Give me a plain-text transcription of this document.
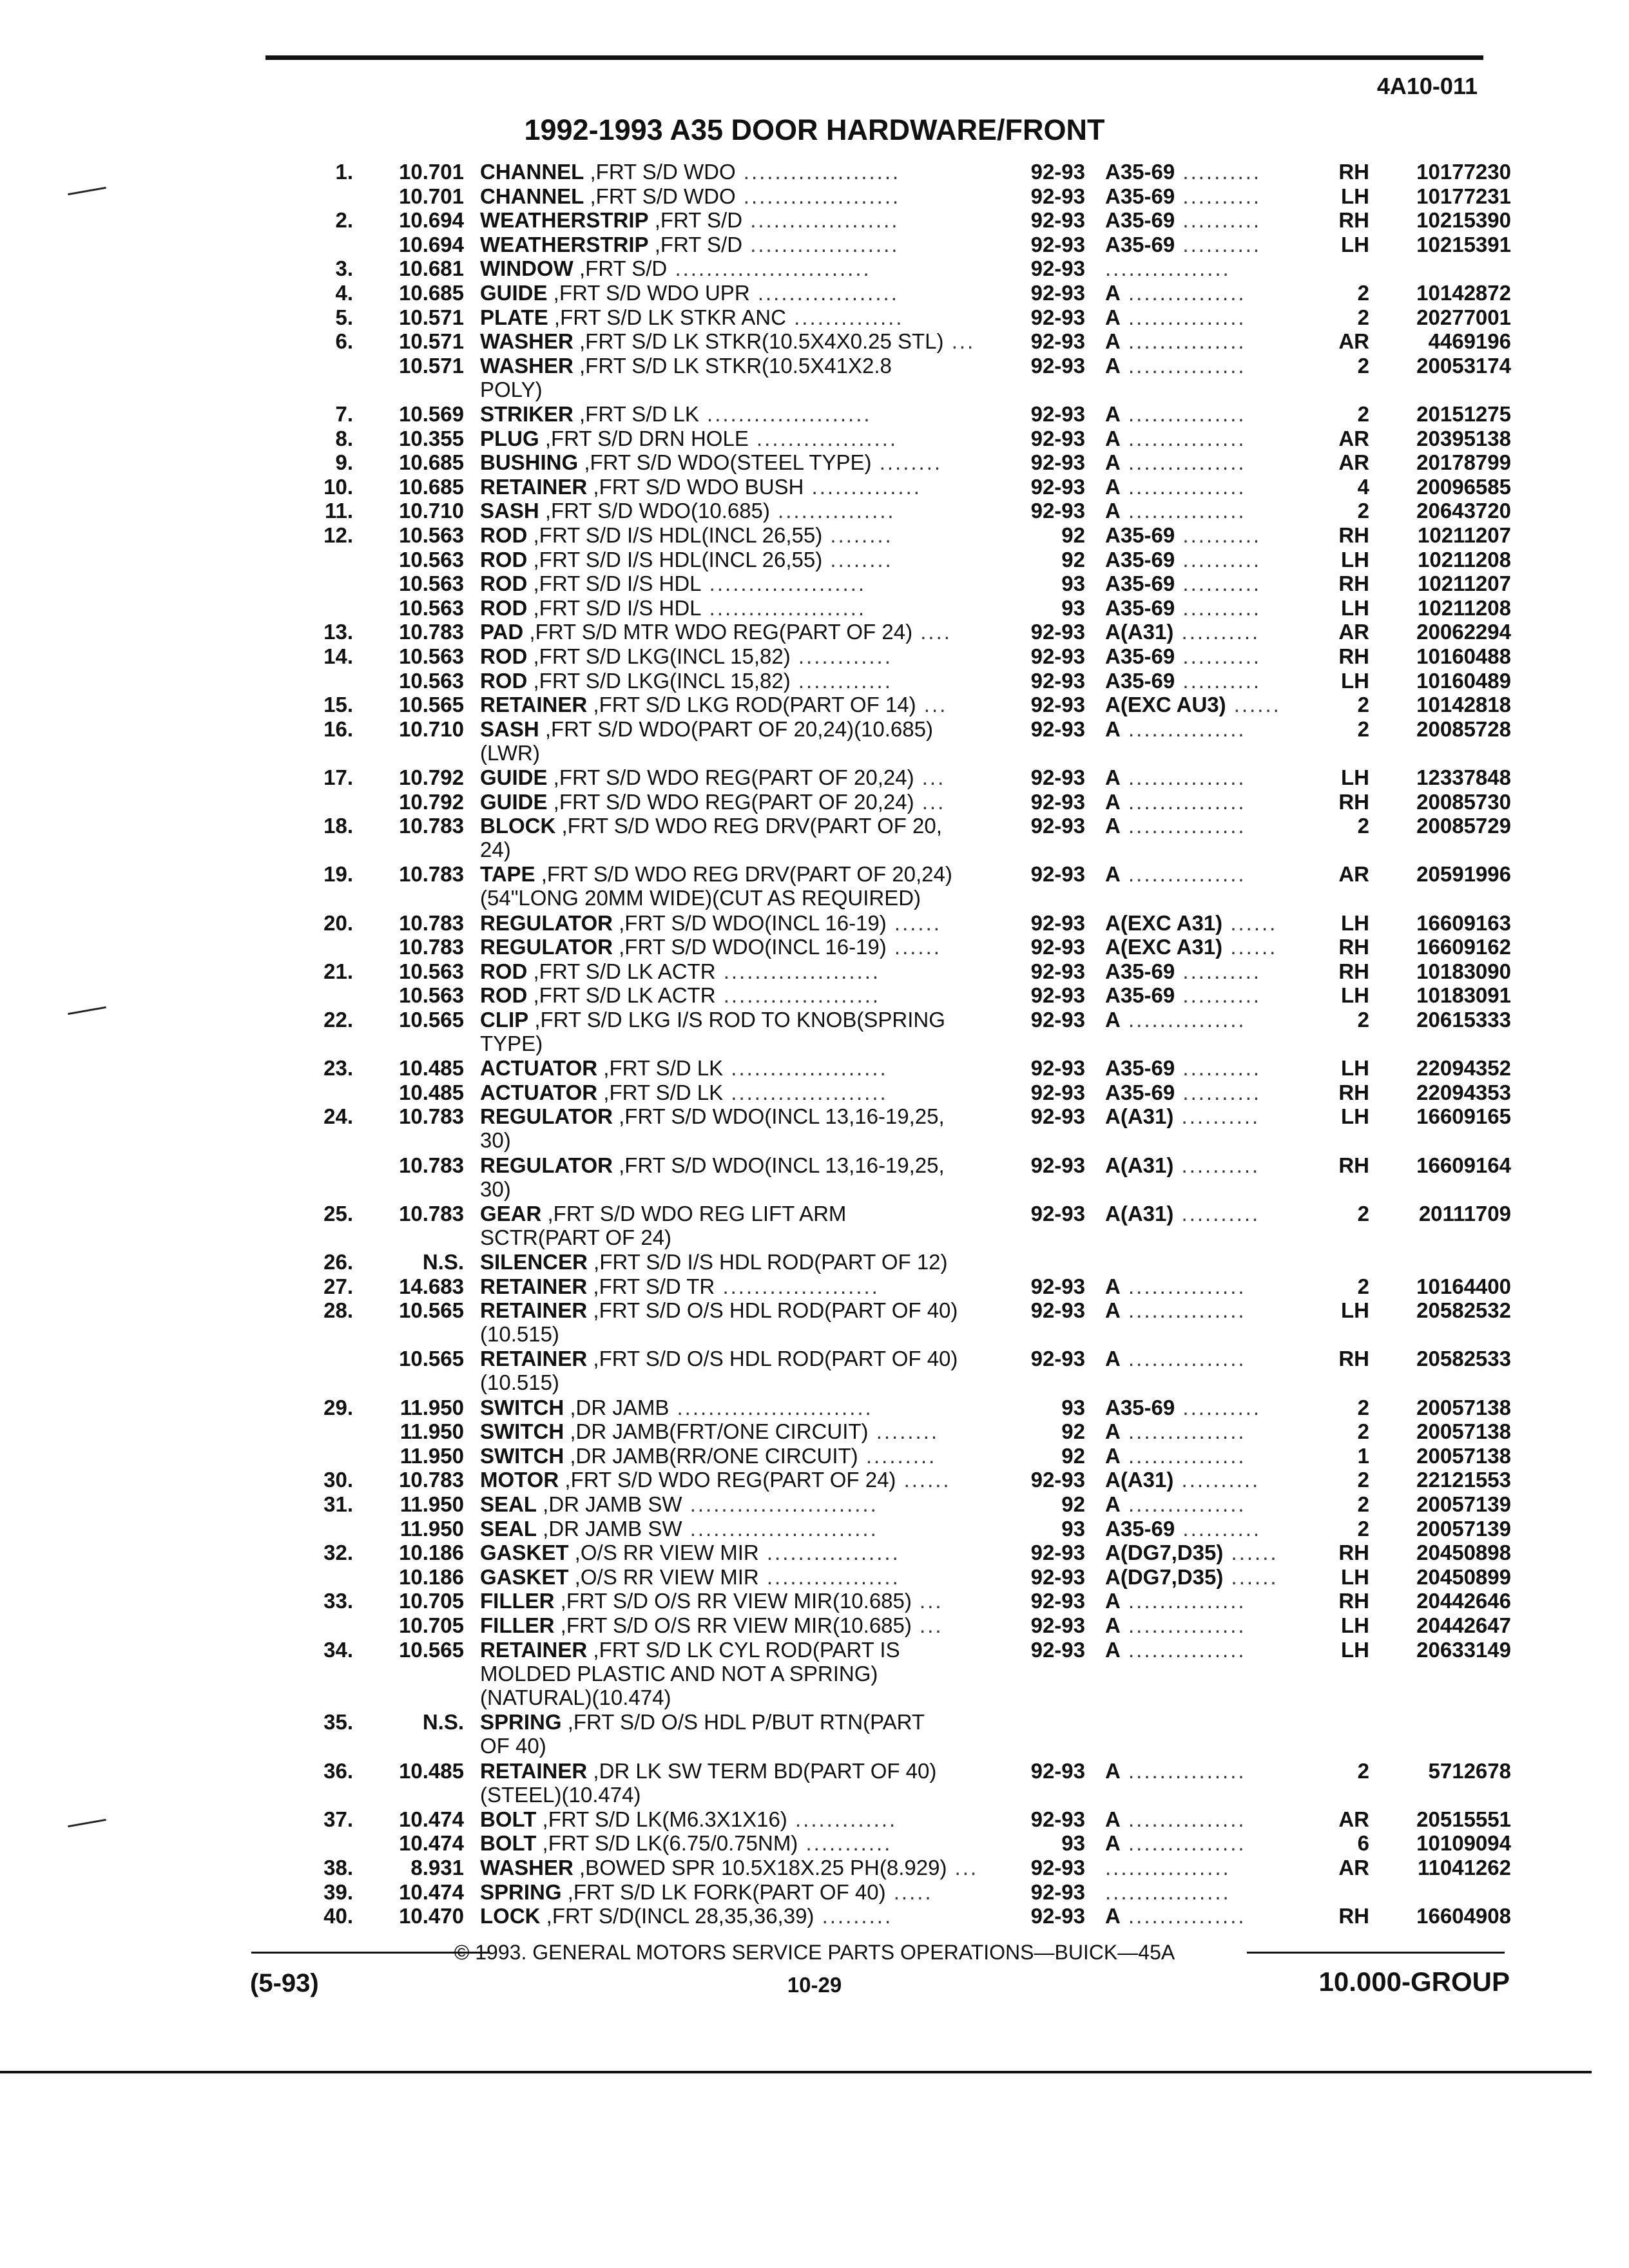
4A10-011
1992-1993 A35 DOOR HARDWARE/FRONT
1.	10.701 CHANNEL ,FRT S/D WDO ....................	92-93 A35-69 ..........	RH	10177230
10.701 CHANNEL ,FRT S/D WDO ....................	92-93 A35-69 ..........	LH	10177231
2.	10.694 WEATHERSTRIP ,FRT S/D ...................	92-93 A35-69 ..........	RH	10215390
10.694 WEATHERSTRIP ,FRT S/D ...................	92-93 A35-69 ..........	LH	10215391
3.	10.681 WINDOW ,FRT S/D .........................	92-93 ................
4.	10.685 GUIDE ,FRT S/D WDO UPR ..................	92-93 A ...............	2	10142872
5.	10.571 PLATE ,FRT S/D LK STKR ANC ..............	92-93 A ...............	2	20277001
6.	10.571 WASHER ,FRT S/D LK STKR(10.5X4X0.25 STL) ...	92-93 A ...............	AR	4469196
10.571 WASHER ,FRT S/D LK STKR(10.5X41X2.8
POLY)
92-93 A ...............	2	20053174
7.	10.569 STRIKER ,FRT S/D LK .....................	92-93 A ...............	2	20151275
8.	10.355 PLUG ,FRT S/D DRN HOLE ..................	92-93 A ...............	AR	20395138
9.	10.685 BUSHING ,FRT S/D WDO(STEEL TYPE) ........	92-93 A ...............	AR	20178799
10.	10.685 RETAINER ,FRT S/D WDO BUSH ..............	92-93 A ...............	4	20096585
11.	10.710 SASH ,FRT S/D WDO(10.685) ...............	92-93 A ...............	2	20643720
12.	10.563 ROD ,FRT S/D I/S HDL(INCL 26,55) ........	92 A35-69 ..........	RH	10211207
10.563 ROD ,FRT S/D I/S HDL(INCL 26,55) ........	92 A35-69 ..........	LH	10211208
10.563 ROD ,FRT S/D I/S HDL ....................	93 A35-69 ..........	RH	10211207
10.563 ROD ,FRT S/D I/S HDL ....................	93 A35-69 ..........	LH	10211208
13.	10.783 PAD ,FRT S/D MTR WDO REG(PART OF 24) ....	92-93 A(A31) ..........	AR	20062294
14.	10.563 ROD ,FRT S/D LKG(INCL 15,82) ............	92-93 A35-69 ..........	RH	10160488
10.563 ROD ,FRT S/D LKG(INCL 15,82) ............	92-93 A35-69 ..........	LH	10160489
15.	10.565 RETAINER ,FRT S/D LKG ROD(PART OF 14) ...	92-93 A(EXC AU3) ......	2	10142818
16.	10.710 SASH ,FRT S/D WDO(PART OF 20,24)(10.685)
(LWR)
92-93 A ...............	2	20085728
17.	10.792 GUIDE ,FRT S/D WDO REG(PART OF 20,24) ...	92-93 A ...............	LH	12337848
10.792 GUIDE ,FRT S/D WDO REG(PART OF 20,24) ...	92-93 A ...............	RH	20085730
18.	10.783 BLOCK ,FRT S/D WDO REG DRV(PART OF 20,
24)
92-93 A ...............	2	20085729
19.	10.783 TAPE ,FRT S/D WDO REG DRV(PART OF 20,24)
(54"LONG 20MM WIDE)(CUT AS REQUIRED)
92-93 A ...............	AR	20591996
20.	10.783 REGULATOR ,FRT S/D WDO(INCL 16-19) ......	92-93 A(EXC A31) ......	LH	16609163
10.783 REGULATOR ,FRT S/D WDO(INCL 16-19) ......	92-93 A(EXC A31) ......	RH	16609162
21.	10.563 ROD ,FRT S/D LK ACTR ....................	92-93 A35-69 ..........	RH	10183090
10.563 ROD ,FRT S/D LK ACTR ....................	92-93 A35-69 ..........	LH	10183091
22.	10.565 CLIP ,FRT S/D LKG I/S ROD TO KNOB(SPRING
TYPE)
92-93 A ...............	2	20615333
23.	10.485 ACTUATOR ,FRT S/D LK ....................	92-93 A35-69 ..........	LH	22094352
10.485 ACTUATOR ,FRT S/D LK ....................	92-93 A35-69 ..........	RH	22094353
24.	10.783 REGULATOR ,FRT S/D WDO(INCL 13,16-19,25,
30)
92-93 A(A31) ..........	LH	16609165
10.783 REGULATOR ,FRT S/D WDO(INCL 13,16-19,25,
30)
92-93 A(A31) ..........	RH	16609164
25.	10.783 GEAR ,FRT S/D WDO REG LIFT ARM
SCTR(PART OF 24)
92-93 A(A31) ..........	2	20111709
26.	N.S. SILENCER ,FRT S/D I/S HDL ROD(PART OF 12)
27.	14.683 RETAINER ,FRT S/D TR ....................	92-93 A ...............	2	10164400
28.	10.565 RETAINER ,FRT S/D O/S HDL ROD(PART OF 40)
(10.515)
92-93 A ...............	LH	20582532
10.565 RETAINER ,FRT S/D O/S HDL ROD(PART OF 40)
(10.515)
92-93 A ...............	RH	20582533
29.	11.950 SWITCH ,DR JAMB .........................	93 A35-69 ..........	2	20057138
11.950 SWITCH ,DR JAMB(FRT/ONE CIRCUIT) ........	92 A ...............	2	20057138
11.950 SWITCH ,DR JAMB(RR/ONE CIRCUIT) .........	92 A ...............	1	20057138
30.	10.783 MOTOR ,FRT S/D WDO REG(PART OF 24) ......	92-93 A(A31) ..........	2	22121553
31.	11.950 SEAL ,DR JAMB SW ........................	92 A ...............	2	20057139
11.950 SEAL ,DR JAMB SW ........................	93 A35-69 ..........	2	20057139
32.	10.186 GASKET ,O/S RR VIEW MIR .................	92-93 A(DG7,D35) ......	RH	20450898
10.186 GASKET ,O/S RR VIEW MIR .................	92-93 A(DG7,D35) ......	LH	20450899
33.	10.705 FILLER ,FRT S/D O/S RR VIEW MIR(10.685) ...	92-93 A ...............	RH	20442646
10.705 FILLER ,FRT S/D O/S RR VIEW MIR(10.685) ...	92-93 A ...............	LH	20442647
34.	10.565 RETAINER ,FRT S/D LK CYL ROD(PART IS
MOLDED PLASTIC AND NOT A SPRING)
(NATURAL)(10.474)
92-93 A ...............	LH	20633149
35.	N.S. SPRING ,FRT S/D O/S HDL P/BUT RTN(PART
OF 40)
36.	10.485 RETAINER ,DR LK SW TERM BD(PART OF 40)
(STEEL)(10.474)
92-93 A ...............	2	5712678
37.	10.474 BOLT ,FRT S/D LK(M6.3X1X16) .............	92-93 A ...............	AR	20515551
10.474 BOLT ,FRT S/D LK(6.75/0.75NM) ...........	93 A ...............	6	10109094
38.	8.931 WASHER ,BOWED SPR 10.5X18X.25 PH(8.929) ...	92-93 ................	AR	11041262
39.	10.474 SPRING ,FRT S/D LK FORK(PART OF 40) .....	92-93 ................
40.	10.470 LOCK ,FRT S/D(INCL 28,35,36,39) .........	92-93 A ...............	RH	16604908
© 1993. GENERAL MOTORS SERVICE PARTS OPERATIONS—BUICK—45A
10-29
(5-93)	10.000-GROUP
